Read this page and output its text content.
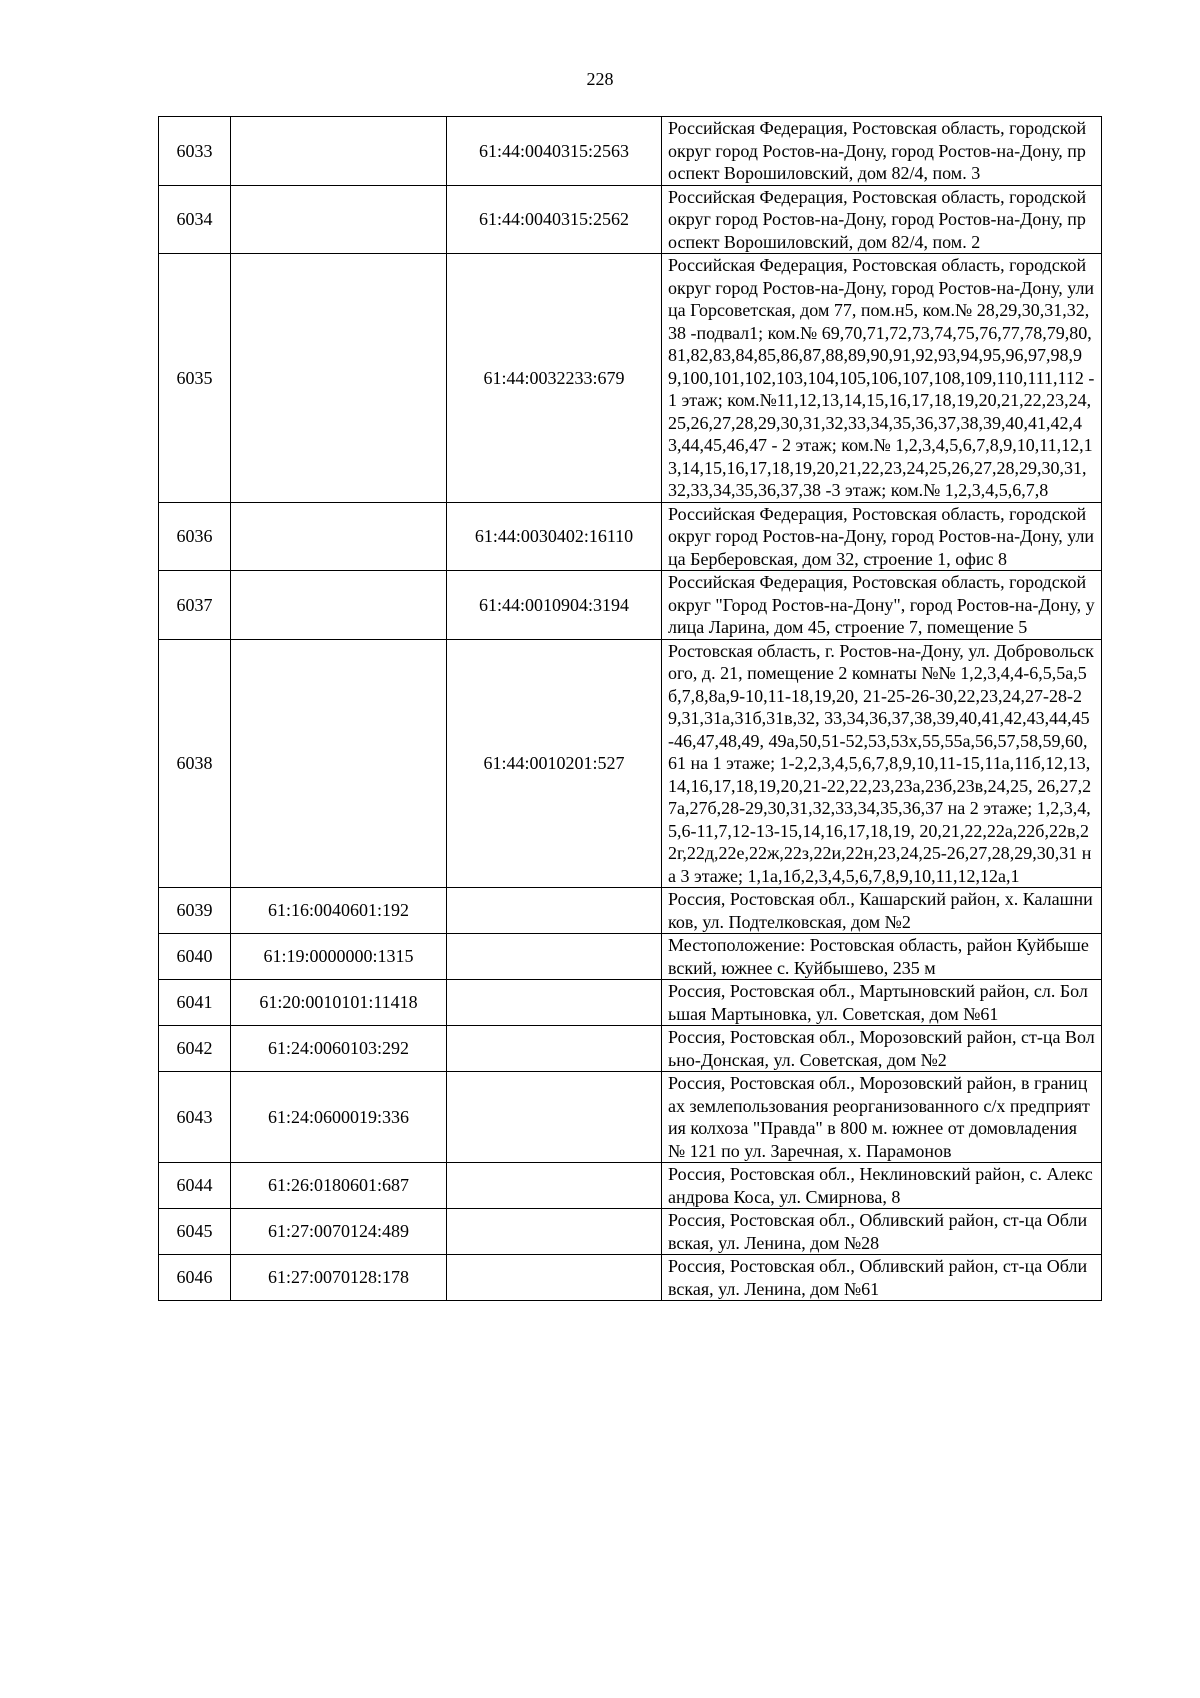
228
6033		61:44:0040315:2563	Российская Федерация, Ростовская область, городской округ город Ростов-на-Дону, город Ростов-на-Дону, проспект Ворошиловский, дом 82/4, пом. 3
6034		61:44:0040315:2562	Российская Федерация, Ростовская область, городской округ город Ростов-на-Дону, город Ростов-на-Дону, проспект Ворошиловский, дом 82/4, пом. 2
6035		61:44:0032233:679	Российская Федерация, Ростовская область, городской округ город Ростов-на-Дону, город Ростов-на-Дону, улица Горсоветская, дом 77, пом.н5, ком.№ 28,29,30,31,32,38 -подвал1; ком.№ 69,70,71,72,73,74,75,76,77,78,79,80,81,82,83,84,85,86,87,88,89,90,91,92,93,94,95,96,97,98,99,100,101,102,103,104,105,106,107,108,109,110,111,112 - 1 этаж; ком.№11,12,13,14,15,16,17,18,19,20,21,22,23,24,25,26,27,28,29,30,31,32,33,34,35,36,37,38,39,40,41,42,43,44,45,46,47 - 2 этаж; ком.№ 1,2,3,4,5,6,7,8,9,10,11,12,13,14,15,16,17,18,19,20,21,22,23,24,25,26,27,28,29,30,31,32,33,34,35,36,37,38 -3 этаж; ком.№ 1,2,3,4,5,6,7,8
6036		61:44:0030402:16110	Российская Федерация, Ростовская область, городской округ город Ростов-на-Дону, город Ростов-на-Дону, улица Берберовская, дом 32, строение 1, офис 8
6037		61:44:0010904:3194	Российская Федерация, Ростовская область, городской округ "Город Ростов-на-Дону", город Ростов-на-Дону, улица Ларина, дом 45, строение 7, помещение 5
6038		61:44:0010201:527	Ростовская область, г. Ростов-на-Дону, ул. Добровольского, д. 21, помещение 2 комнаты №№ 1,2,3,4,4-6,5,5а,5б,7,8,8а,9-10,11-18,19,20, 21-25-26-30,22,23,24,27-28-29,31,31а,31б,31в,32, 33,34,36,37,38,39,40,41,42,43,44,45-46,47,48,49, 49а,50,51-52,53,53х,55,55а,56,57,58,59,60,61 на 1 этаже; 1-2,2,3,4,5,6,7,8,9,10,11-15,11а,11б,12,13, 14,16,17,18,19,20,21-22,22,23,23а,23б,23в,24,25, 26,27,27а,27б,28-29,30,31,32,33,34,35,36,37 на 2 этаже; 1,2,3,4,5,6-11,7,12-13-15,14,16,17,18,19, 20,21,22,22а,22б,22в,22г,22д,22е,22ж,22з,22и,22н,23,24,25-26,27,28,29,30,31 на 3 этаже; 1,1а,1б,2,3,4,5,6,7,8,9,10,11,12,12а,1
6039	61:16:0040601:192		Россия, Ростовская обл., Кашарский район, х. Калашников, ул. Подтелковская, дом №2
6040	61:19:0000000:1315		Местоположение: Ростовская область, район Куйбышевский, южнее с. Куйбышево, 235 м
6041	61:20:0010101:11418		Россия, Ростовская обл., Мартыновский район, сл. Большая Мартыновка, ул. Советская, дом №61
6042	61:24:0060103:292		Россия, Ростовская обл., Морозовский район, ст-ца Вольно-Донская, ул. Советская, дом №2
6043	61:24:0600019:336		Россия, Ростовская обл., Морозовский район, в границах землепользования реорганизованного с/х предприятия колхоза "Правда" в 800 м. южнее от домовладения № 121 по ул. Заречная, х. Парамонов
6044	61:26:0180601:687		Россия, Ростовская обл., Неклиновский район, с. Александрова Коса, ул. Смирнова, 8
6045	61:27:0070124:489		Россия, Ростовская обл., Обливский район, ст-ца Обливская, ул. Ленина, дом №28
6046	61:27:0070128:178		Россия, Ростовская обл., Обливский район, ст-ца Обливская, ул. Ленина, дом №61
